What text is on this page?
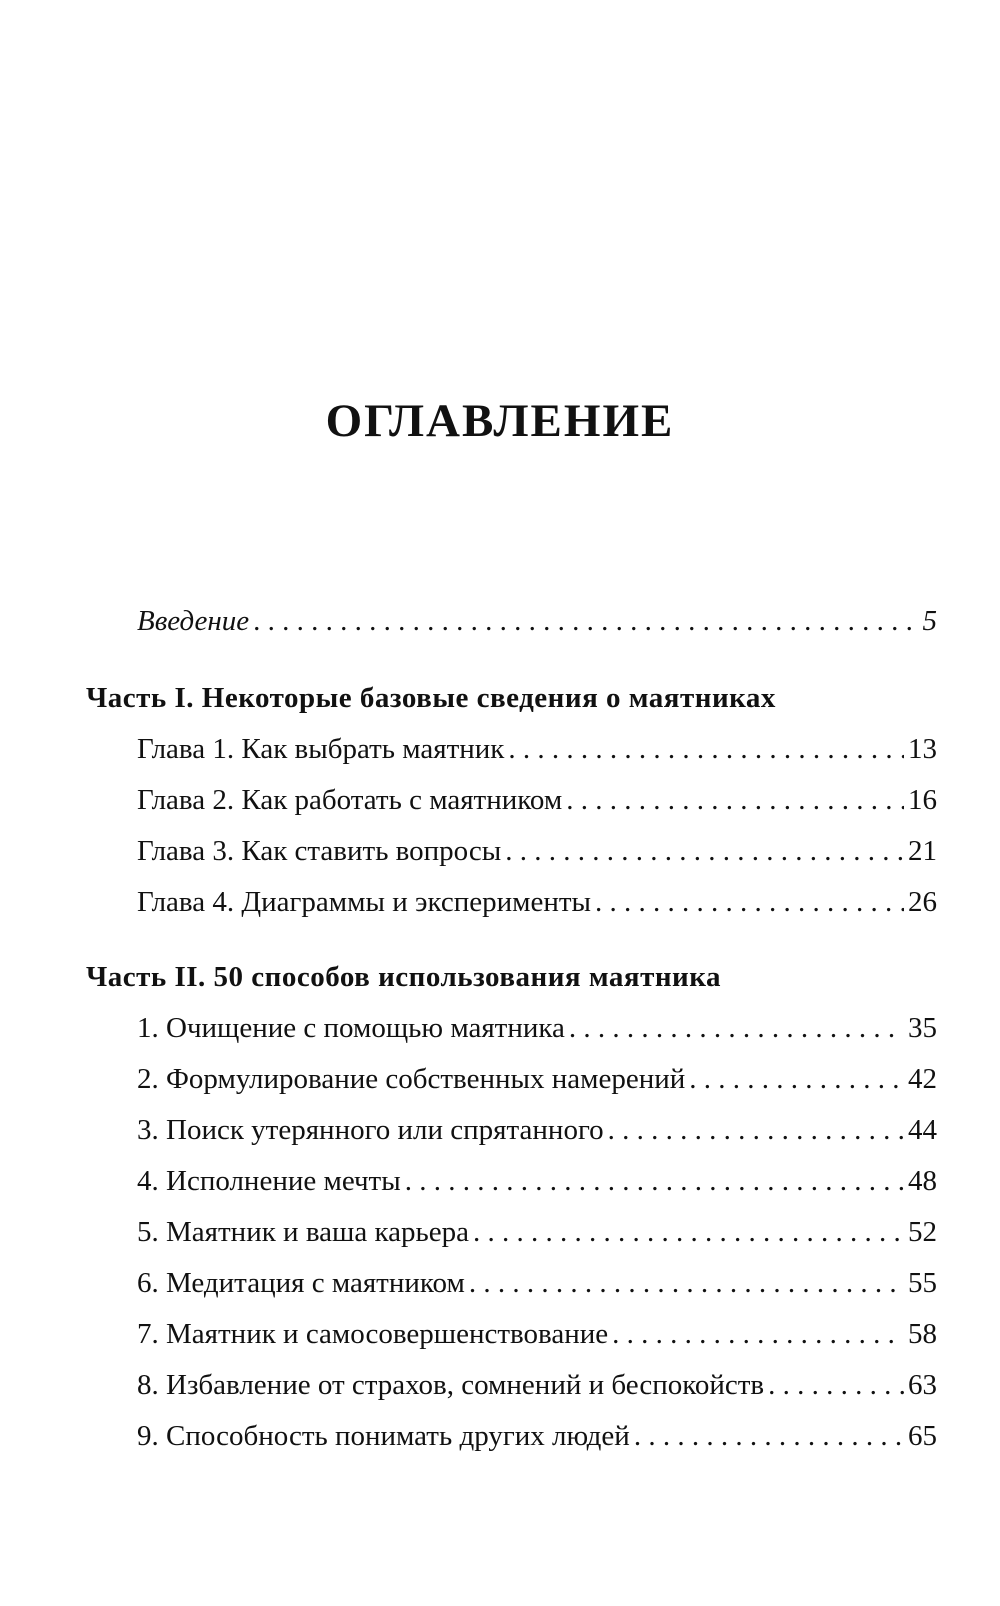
ОГЛАВЛЕНИЕ
Введение . . .	5
Часть I. Некоторые базовые сведения о маятниках
Глава 1. Как выбрать маятник . . .	13
Глава 2. Как работать с маятником . . .	16
Глава 3. Как ставить вопросы . . .	21
Глава 4. Диаграммы и эксперименты . . .	26
Часть II. 50 способов использования маятника
1. Очищение с помощью маятника . . .	35
2. Формулирование собственных намерений . . .	42
3. Поиск утерянного или спрятанного . . .	44
4. Исполнение мечты . . .	48
5. Маятник и ваша карьера . . .	52
6. Медитация с маятником . . .	55
7. Маятник и самосовершенствование . . .	58
8. Избавление от страхов, сомнений и беспокойств . . .	63
9. Способность понимать других людей . . .	65
